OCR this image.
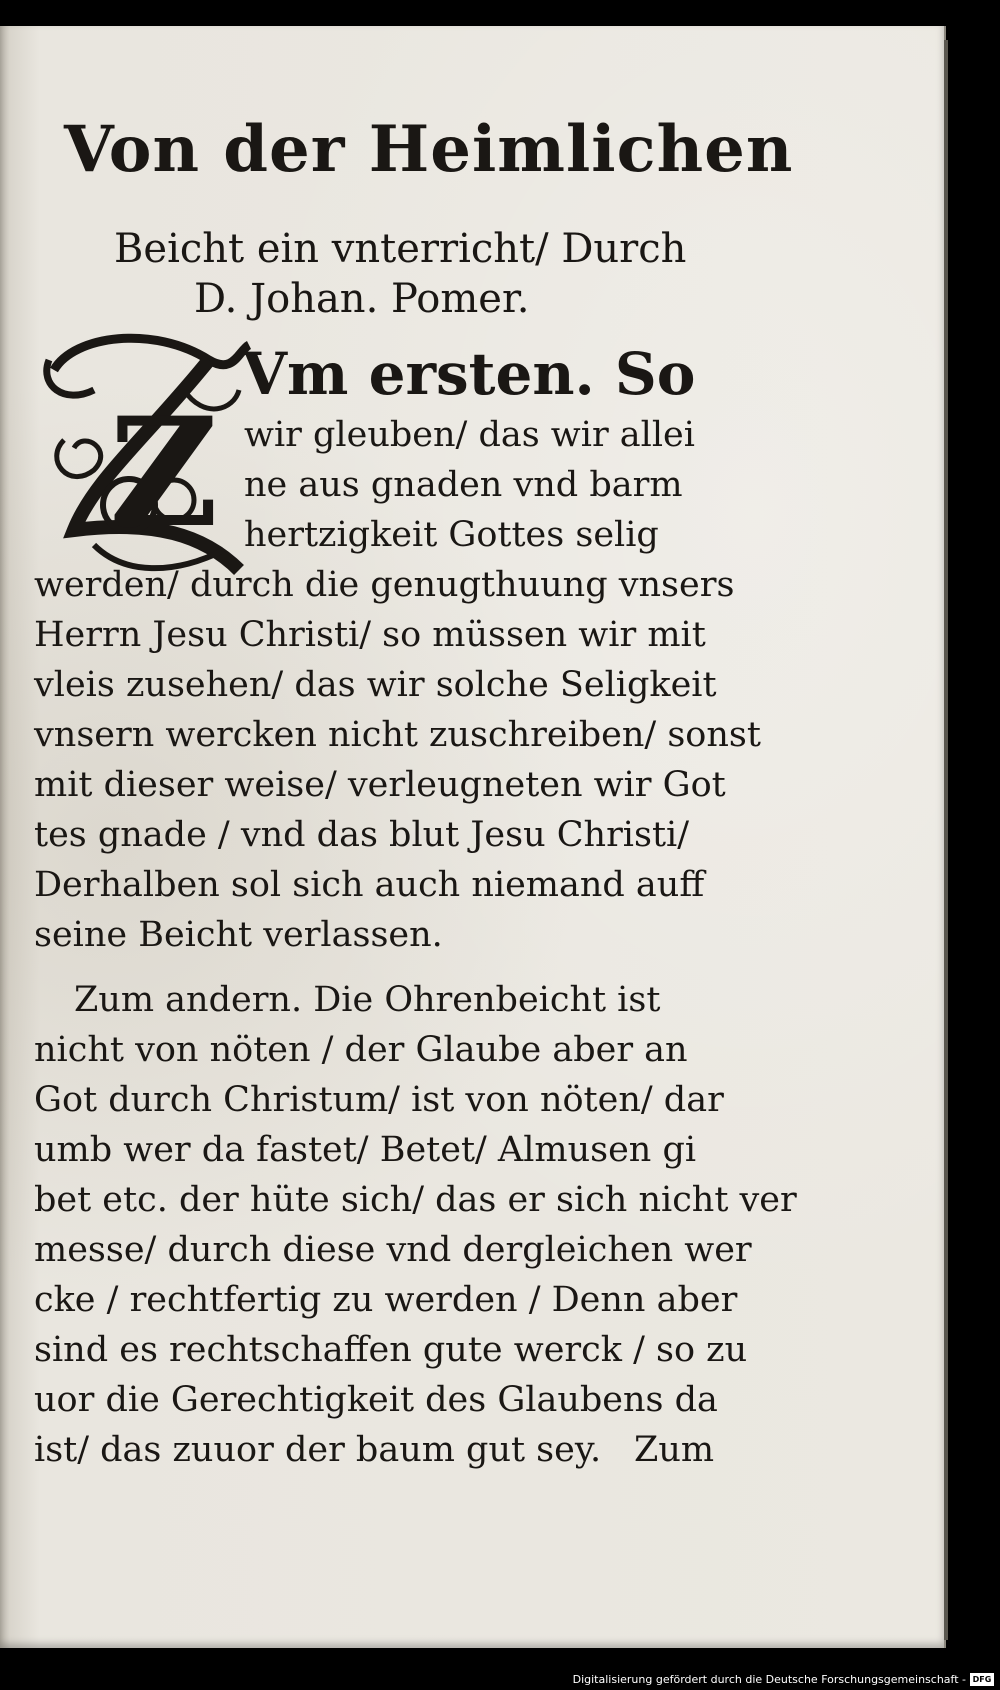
Von der Heimlichen
Beicht ein vnterricht/ Durch
D. Johan. Pomer.
Z
Vm ersten. So
wir gleuben/ das wir allei
ne aus gnaden vnd barm
hertzigkeit Gottes selig
werden/ durch die genugthuung vnsers
Herrn Jesu Christi/ so müssen wir mit
vleis zusehen/ das wir solche Seligkeit
vnsern wercken nicht zuschreiben/ sonst
mit dieser weise/ verleugneten wir Got
tes gnade / vnd das blut Jesu Christi/
Derhalben sol sich auch niemand auff
seine Beicht verlassen.
Zum andern. Die Ohrenbeicht ist
nicht von nöten / der Glaube aber an
Got durch Christum/ ist von nöten/ dar
umb wer da fastet/ Betet/ Almusen gi
bet etc. der hüte sich/ das er sich nicht ver
messe/ durch diese vnd dergleichen wer
cke / rechtfertig zu werden / Denn aber
sind es rechtschaffen gute werck / so zu
uor die Gerechtigkeit des Glaubens da
ist/ das zuuor der baum gut sey. Zum
Digitalisierung gefördert durch die Deutsche Forschungsgemeinschaft - DFG
